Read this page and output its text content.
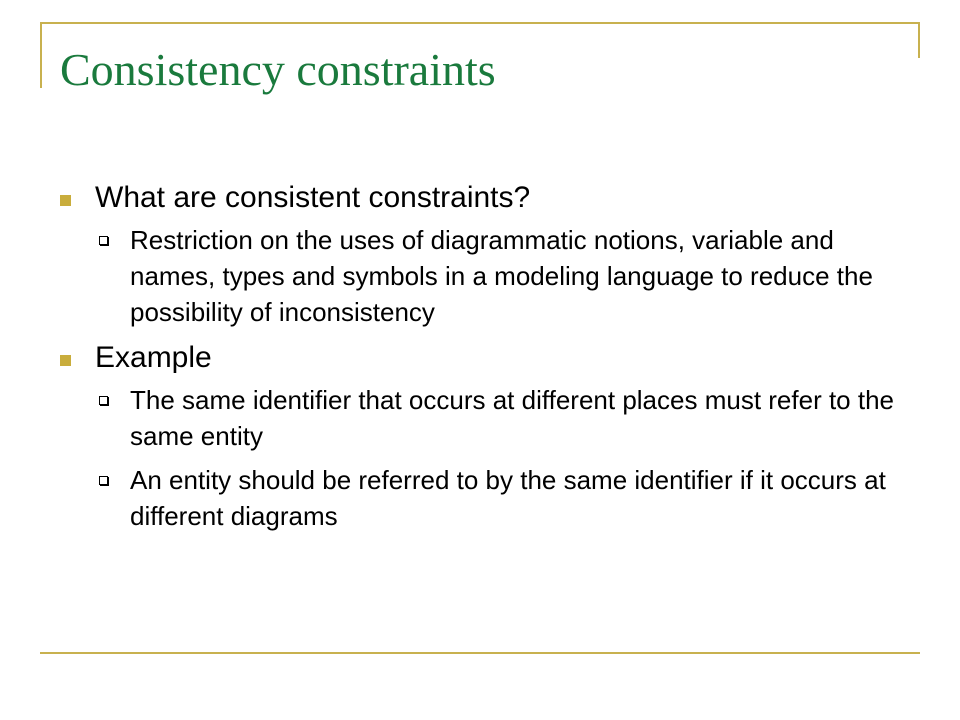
Consistency constraints
What are consistent constraints?
Restriction on the uses of diagrammatic notions, variable and names, types and symbols in a modeling language to reduce the possibility of inconsistency
Example
The same identifier that occurs at different places must refer to the same entity
An entity should be referred to by the same identifier if it occurs at different diagrams
